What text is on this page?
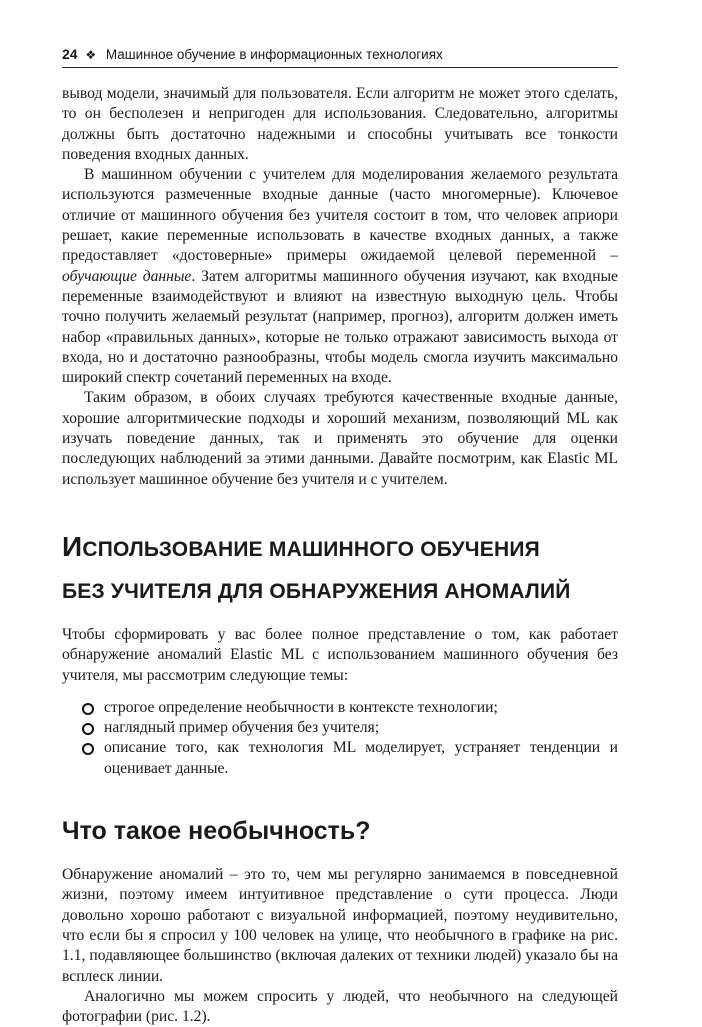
24 ❖ Машинное обучение в информационных технологиях

вывод модели, значимый для пользователя. Если алгоритм не может этого сделать, то он бесполезен и непригоден для использования. Следовательно, алгоритмы должны быть достаточно надежными и способны учитывать все тонкости поведения входных данных.

В машинном обучении с учителем для моделирования желаемого результата используются размеченные входные данные (часто многомерные). Ключевое отличие от машинного обучения без учителя состоит в том, что человек априори решает, какие переменные использовать в качестве входных данных, а также предоставляет «достоверные» примеры ожидаемой целевой переменной – обучающие данные. Затем алгоритмы машинного обучения изучают, как входные переменные взаимодействуют и влияют на известную выходную цель. Чтобы точно получить желаемый результат (например, прогноз), алгоритм должен иметь набор «правильных данных», которые не только отражают зависимость выхода от входа, но и достаточно разнообразны, чтобы модель смогла изучить максимально широкий спектр сочетаний переменных на входе.

Таким образом, в обоих случаях требуются качественные входные данные, хорошие алгоритмические подходы и хороший механизм, позволяющий ML как изучать поведение данных, так и применять это обучение для оценки последующих наблюдений за этими данными. Давайте посмотрим, как Elastic ML использует машинное обучение без учителя и с учителем.

ИСПОЛЬЗОВАНИЕ МАШИННОГО ОБУЧЕНИЯ
БЕЗ УЧИТЕЛЯ ДЛЯ ОБНАРУЖЕНИЯ АНОМАЛИЙ

Чтобы сформировать у вас более полное представление о том, как работает обнаружение аномалий Elastic ML с использованием машинного обучения без учителя, мы рассмотрим следующие темы:

строгое определение необычности в контексте технологии;
наглядный пример обучения без учителя;
описание того, как технология ML моделирует, устраняет тенденции и оценивает данные.
Что такое необычность?

Обнаружение аномалий – это то, чем мы регулярно занимаемся в повседневной жизни, поэтому имеем интуитивное представление о сути процесса. Люди довольно хорошо работают с визуальной информацией, поэтому неудивительно, что если бы я спросил у 100 человек на улице, что необычного в графике на рис. 1.1, подавляющее большинство (включая далеких от техники людей) указало бы на всплеск линии.

Аналогично мы можем спросить у людей, что необычного на следующей фотографии (рис. 1.2).
